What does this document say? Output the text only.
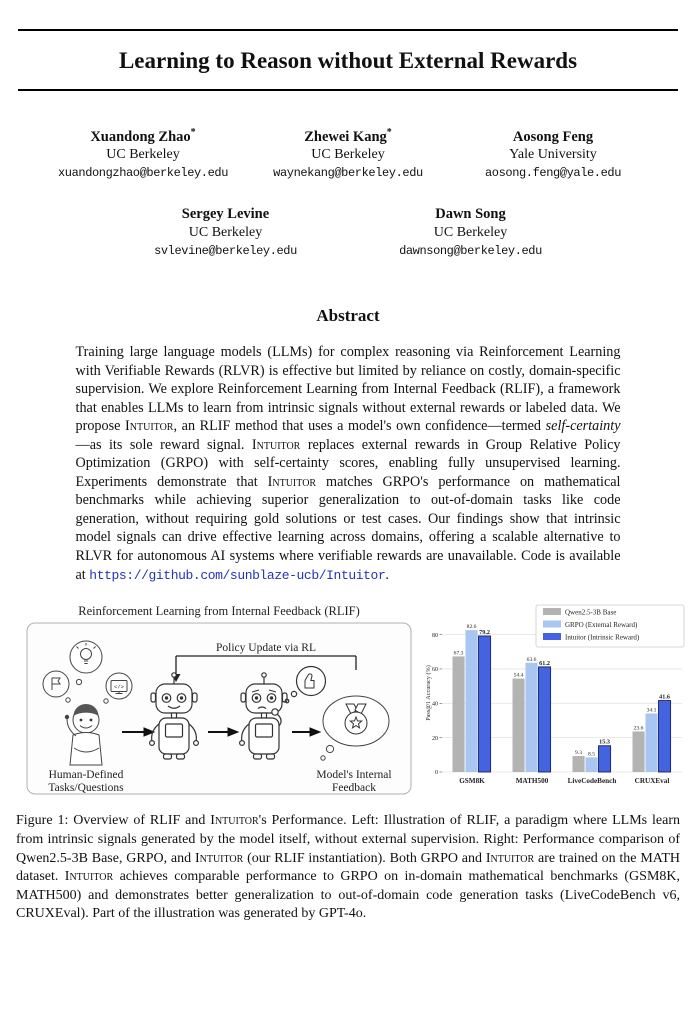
Learning to Reason without External Rewards
Xuandong Zhao*
UC Berkeley
xuandongzhao@berkeley.edu
Zhewei Kang*
UC Berkeley
waynekang@berkeley.edu
Aosong Feng
Yale University
aosong.feng@yale.edu
Sergey Levine
UC Berkeley
svlevine@berkeley.edu
Dawn Song
UC Berkeley
dawnsong@berkeley.edu
Abstract

Training large language models (LLMs) for complex reasoning via Reinforcement Learning with Verifiable Rewards (RLVR) is effective but limited by reliance on costly, domain-specific supervision. We explore Reinforcement Learning from Internal Feedback (RLIF), a framework that enables LLMs to learn from intrinsic signals without external rewards or labeled data. We propose Intuitor, an RLIF method that uses a model's own confidence—termed self-certainty—as its sole reward signal. Intuitor replaces external rewards in Group Relative Policy Optimization (GRPO) with self-certainty scores, enabling fully unsupervised learning. Experiments demonstrate that Intuitor matches GRPO's performance on mathematical benchmarks while achieving superior generalization to out-of-domain tasks like code generation, without requiring gold solutions or test cases. Our findings show that intrinsic model signals can drive effective learning across domains, offering a scalable alternative to RLVR for autonomous AI systems where verifiable rewards are unavailable. Code is available at https://github.com/sunblaze-ucb/Intuitor.

Reinforcement Learning from Internal Feedback (RLIF)
Policy Update via RL
</>
Human-Defined
Tasks/Questions
Model's Internal
Feedback
0
20
40
60
80
Pass@1 Accuracy (%)
67.3
82.6
79.2
GSM8K
54.4
63.6
61.2
MATH500
9.3 8.5
15.3
LiveCodeBench
23.6
34.1
41.6
CRUXEval
Qwen2.5-3B Base
GRPO (External Reward)
Intuitor (Intrinsic Reward)

Figure 1: Overview of RLIF and Intuitor's Performance. Left: Illustration of RLIF, a paradigm where LLMs learn from intrinsic signals generated by the model itself, without external supervision. Right: Performance comparison of Qwen2.5-3B Base, GRPO, and Intuitor (our RLIF instantiation). Both GRPO and Intuitor are trained on the MATH dataset. Intuitor achieves comparable performance to GRPO on in-domain mathematical benchmarks (GSM8K, MATH500) and demonstrates better generalization to out-of-domain code generation tasks (LiveCodeBench v6, CRUXEval). Part of the illustration was generated by GPT-4o.
